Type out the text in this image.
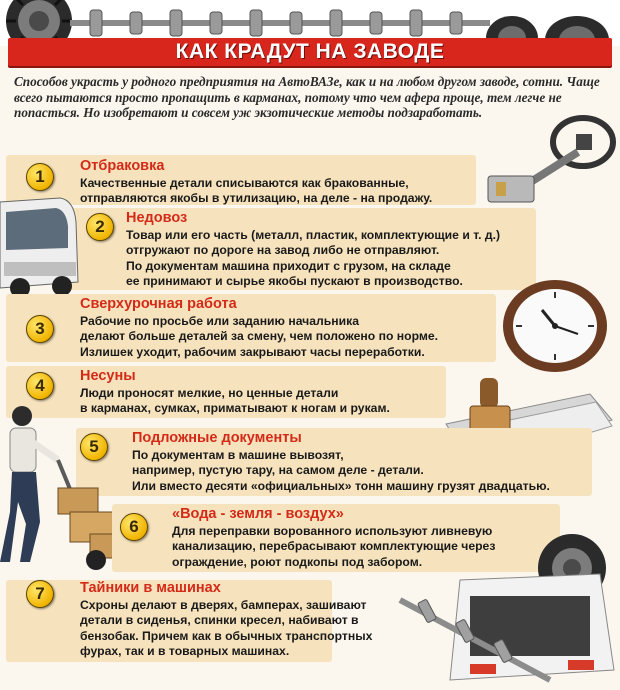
КАК КРАДУТ НА ЗАВОДЕ
Способов украсть у родного предприятия на АвтоВАЗе, как и на любом другом заводе, сотни. Чаще всего пытаются просто пропащить в карманах, потому что чем афера проще, тем легче не попасться. Но изобретают и совсем уж экзотические методы подзаработать.
1
Отбраковка
Качественные детали списываются как бракованные,
отправляются якобы в утилизацию, на деле - на продажу.
2	Недовоз
Товар или его часть (металл, пластик, комплектующие и т. д.)
отгружают по дороге на завод либо не отправляют.
По документам машина приходит с грузом, на складе
ее принимают и сырье якобы пускают в производство.
3
Сверхурочная работа
Рабочие по просьбе или заданию начальника
делают больше деталей за смену, чем положено по норме.
Излишек уходит, рабочим закрывают часы переработки.
4	Несуны
Люди проносят мелкие, но ценные детали
в карманах, сумках, приматывают к ногам и рукам.
5	Подложные документы
По документам в машине вывозят,
например, пустую тару, на самом деле - детали.
Или вместо десяти «официальных» тонн машину грузят двадцатью.
6
«Вода - земля - воздух»
Для переправки ворованного используют ливневую
канализацию, перебрасывают комплектующие через
ограждение, роют подкопы под забором.
7	Тайники в машинах
Схроны делают в дверях, бамперах, зашивают
детали в сиденья, спинки кресел, набивают в
бензобак. Причем как в обычных транспортных
фурах, так и в товарных машинах.
